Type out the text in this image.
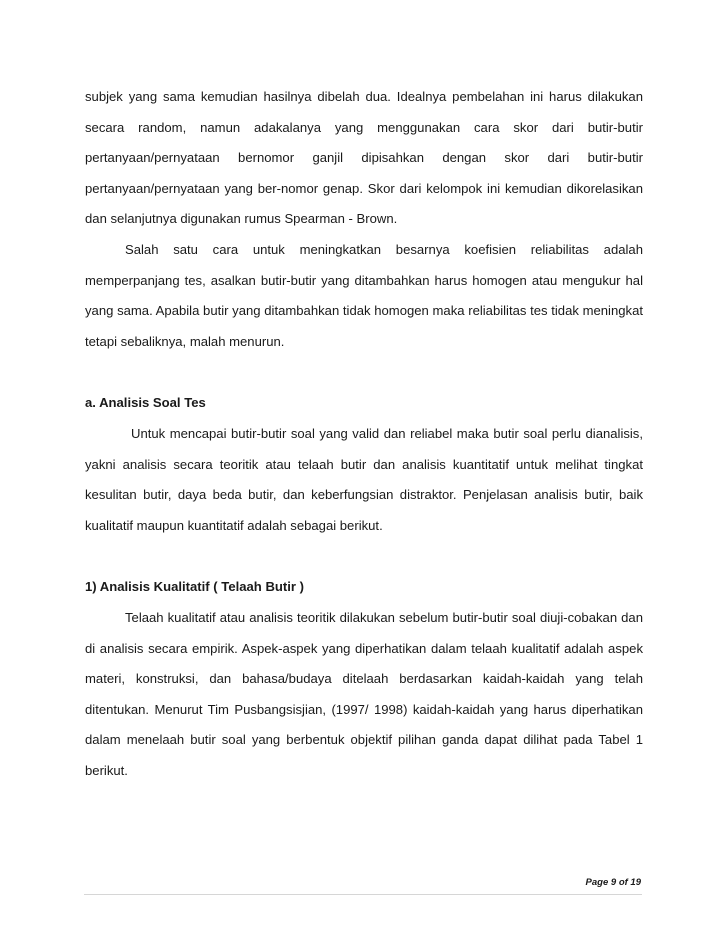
subjek yang sama kemudian hasilnya dibelah dua. Idealnya pembelahan ini harus dilakukan secara random, namun adakalanya yang menggunakan cara skor dari butir-butir pertanyaan/pernyataan bernomor ganjil dipisahkan dengan skor dari butir-butir pertanyaan/pernyataan yang ber-nomor genap. Skor dari kelompok ini kemudian dikorelasikan dan selanjutnya digunakan rumus Spearman - Brown.

Salah satu cara untuk meningkatkan besarnya koefisien reliabilitas adalah memperpanjang tes, asalkan butir-butir yang ditambahkan harus homogen atau mengukur hal yang sama. Apabila butir yang ditambahkan tidak homogen maka reliabilitas tes tidak meningkat tetapi sebaliknya, malah menurun.

a. Analisis Soal Tes

Untuk mencapai butir-butir soal yang valid dan reliabel maka butir soal perlu dianalisis, yakni analisis secara teoritik atau telaah butir dan analisis kuantitatif untuk melihat tingkat kesulitan butir, daya beda butir, dan keberfungsian distraktor. Penjelasan analisis butir, baik kualitatif maupun kuantitatif adalah sebagai berikut.

1) Analisis Kualitatif ( Telaah Butir )

Telaah kualitatif atau analisis teoritik dilakukan sebelum butir-butir soal diuji-cobakan dan di analisis secara empirik. Aspek-aspek yang diperhatikan dalam telaah kualitatif adalah aspek materi, konstruksi, dan bahasa/budaya ditelaah berdasarkan kaidah-kaidah yang telah ditentukan. Menurut Tim Pusbangsisjian, (1997/ 1998) kaidah-kaidah yang harus diperhatikan dalam menelaah butir soal yang berbentuk objektif pilihan ganda dapat dilihat pada Tabel 1 berikut.

Page 9 of 19
